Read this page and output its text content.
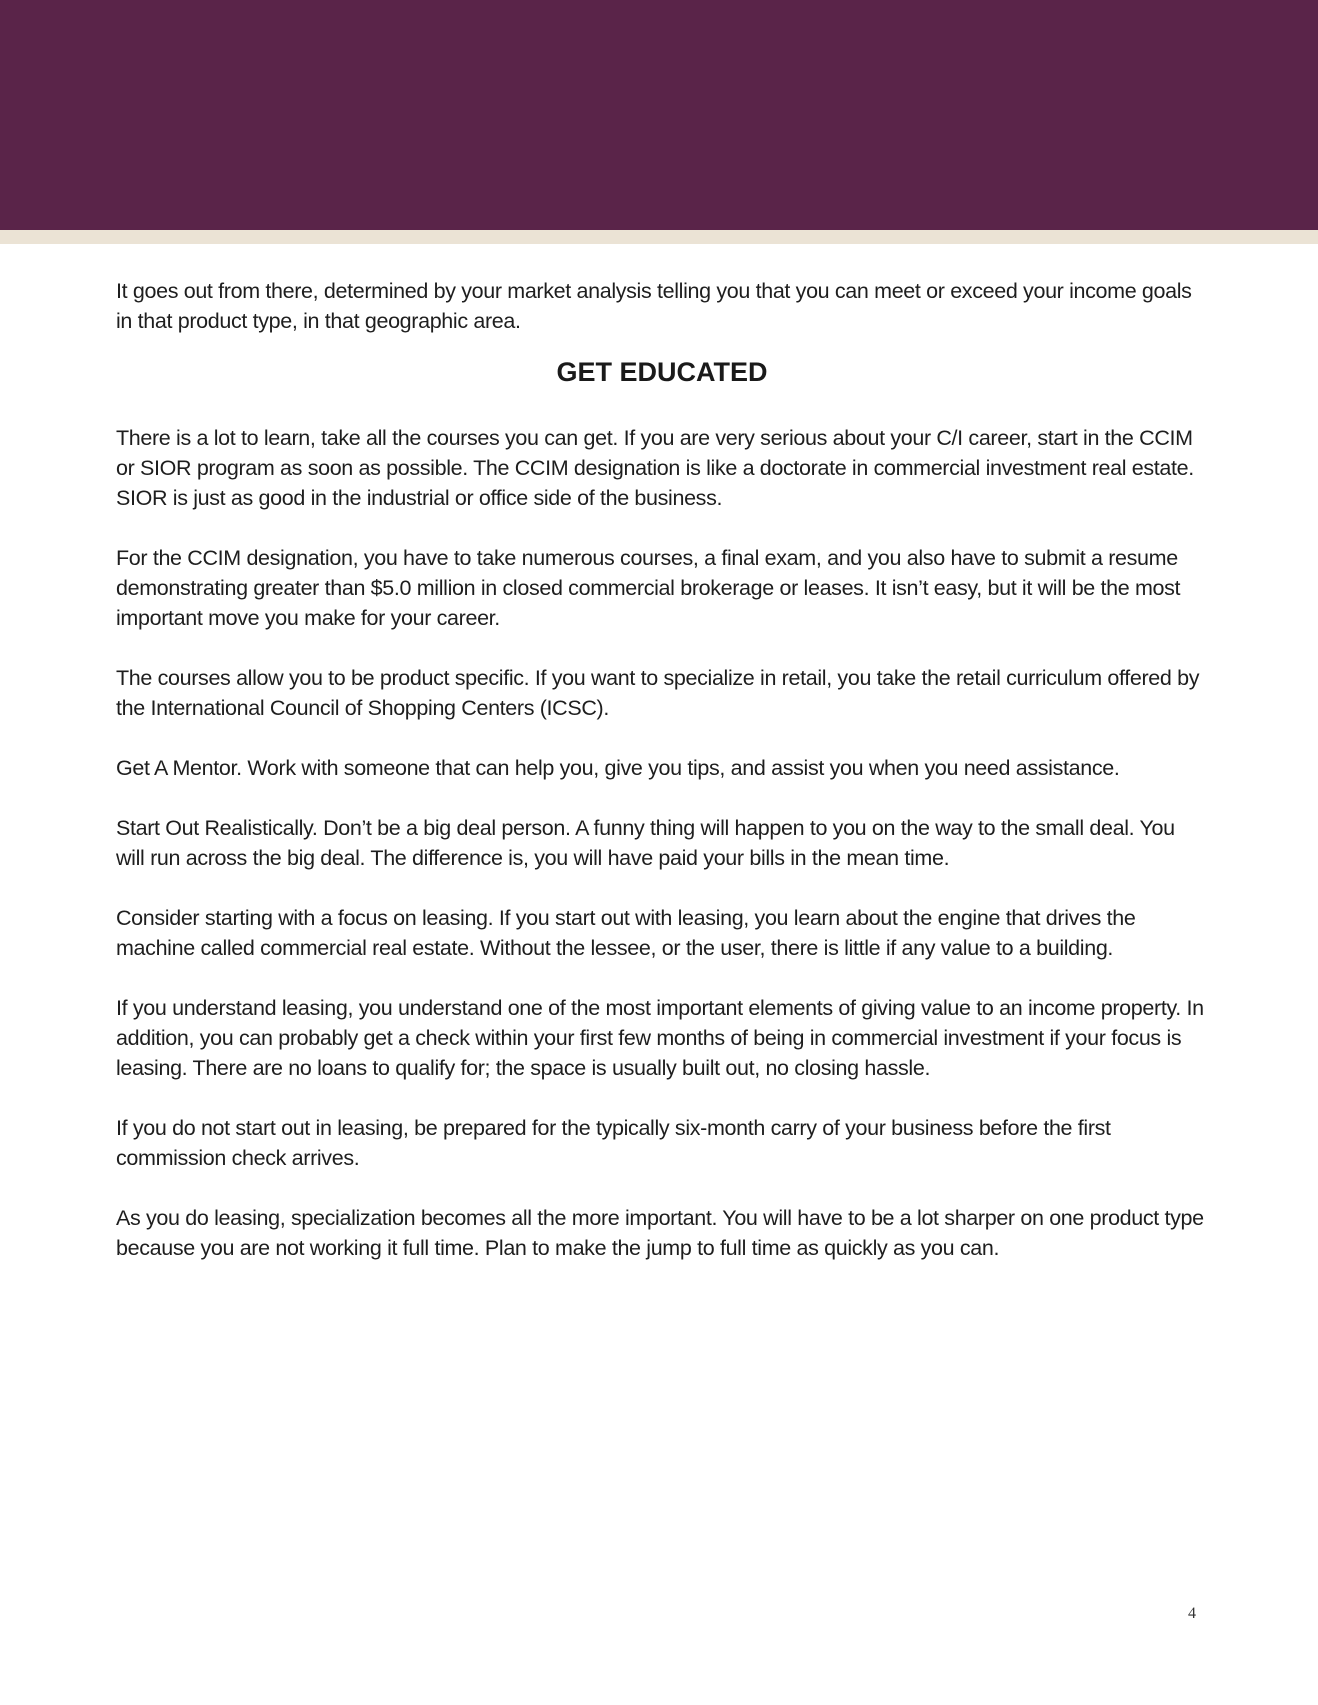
It goes out from there, determined by your market analysis telling you that you can meet or exceed your income goals in that product type, in that geographic area.

GET EDUCATED

There is a lot to learn, take all the courses you can get. If you are very serious about your C/I career, start in the CCIM or SIOR program as soon as possible. The CCIM designation is like a doctorate in commercial investment real estate. SIOR is just as good in the industrial or office side of the business.

For the CCIM designation, you have to take numerous courses, a final exam, and you also have to submit a resume demonstrating greater than $5.0 million in closed commercial brokerage or leases. It isn’t easy, but it will be the most important move you make for your career.

The courses allow you to be product specific. If you want to specialize in retail, you take the retail curriculum offered by the International Council of Shopping Centers (ICSC).

Get A Mentor. Work with someone that can help you, give you tips, and assist you when you need assistance.

Start Out Realistically. Don’t be a big deal person. A funny thing will happen to you on the way to the small deal. You will run across the big deal. The difference is, you will have paid your bills in the mean time.

Consider starting with a focus on leasing. If you start out with leasing, you learn about the engine that drives the machine called commercial real estate. Without the lessee, or the user, there is little if any value to a building.

If you understand leasing, you understand one of the most important elements of giving value to an income property. In addition, you can probably get a check within your first few months of being in commercial investment if your focus is leasing. There are no loans to qualify for; the space is usually built out, no closing hassle.

If you do not start out in leasing, be prepared for the typically six-month carry of your business before the first commission check arrives.

As you do leasing, specialization becomes all the more important. You will have to be a lot sharper on one product type because you are not working it full time. Plan to make the jump to full time as quickly as you can.

4
